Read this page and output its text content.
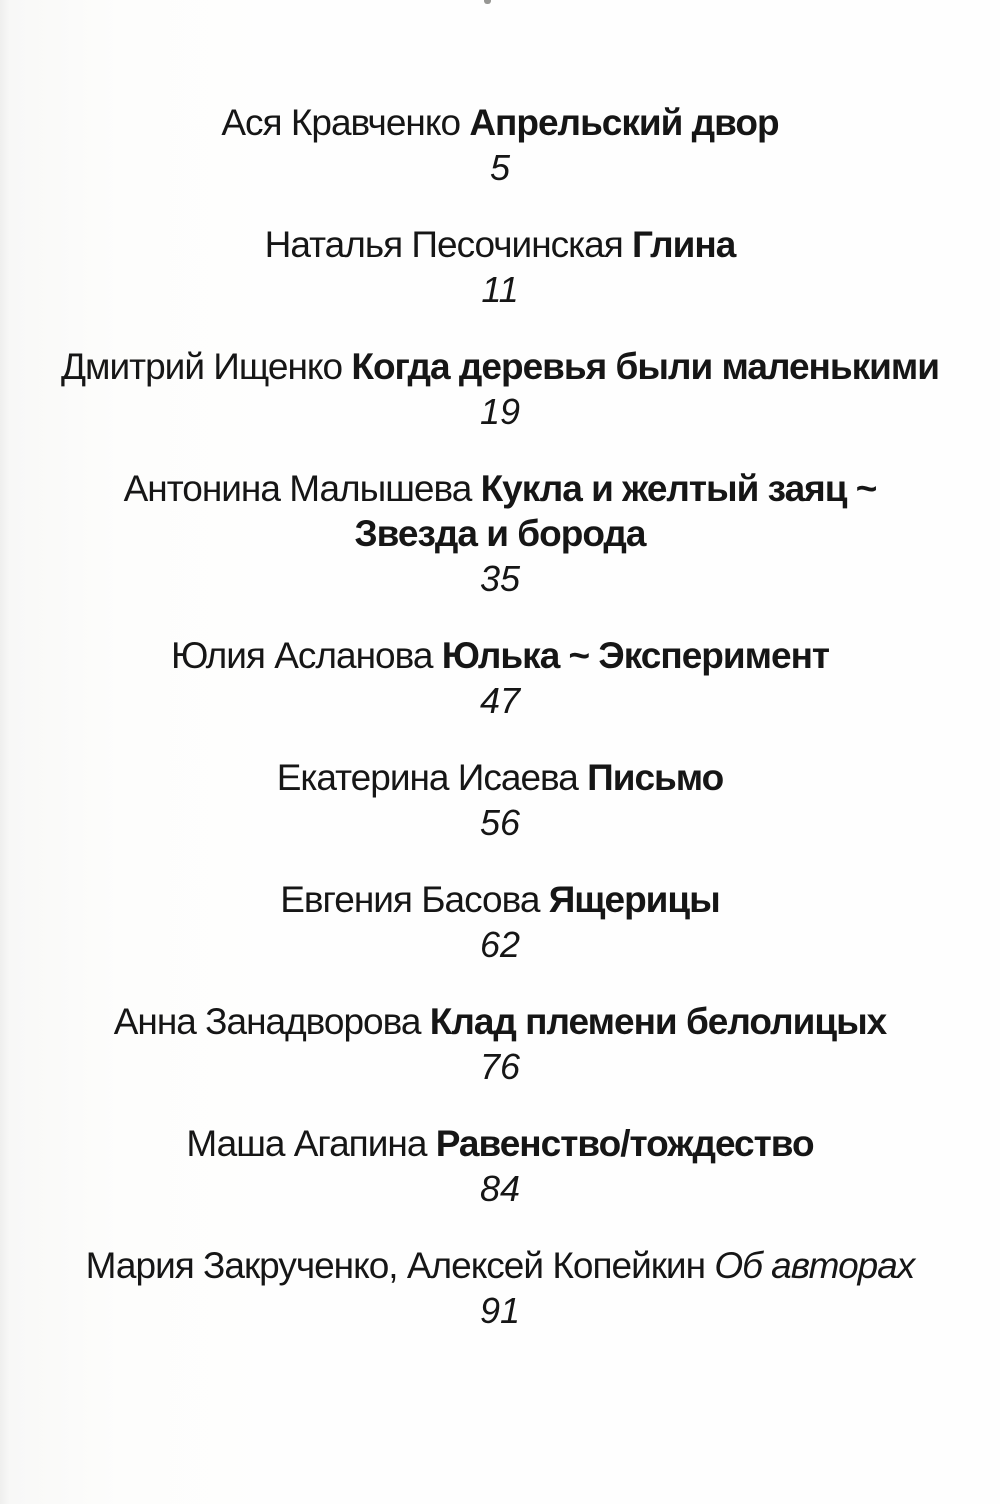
Ася Кравченко Апрельский двор
5
Наталья Песочинская Глина
11
Дмитрий Ищенко Когда деревья были маленькими
19
Антонина Малышева Кукла и желтый заяц ~
Звезда и борода
35
Юлия Асланова Юлька ~ Эксперимент
47
Екатерина Исаева Письмо
56
Евгения Басова Ящерицы
62
Анна Занадворова Клад племени белолицых
76
Маша Агапина Равенство/тождество
84
Мария Закрученко, Алексей Копейкин Об авторах
91
